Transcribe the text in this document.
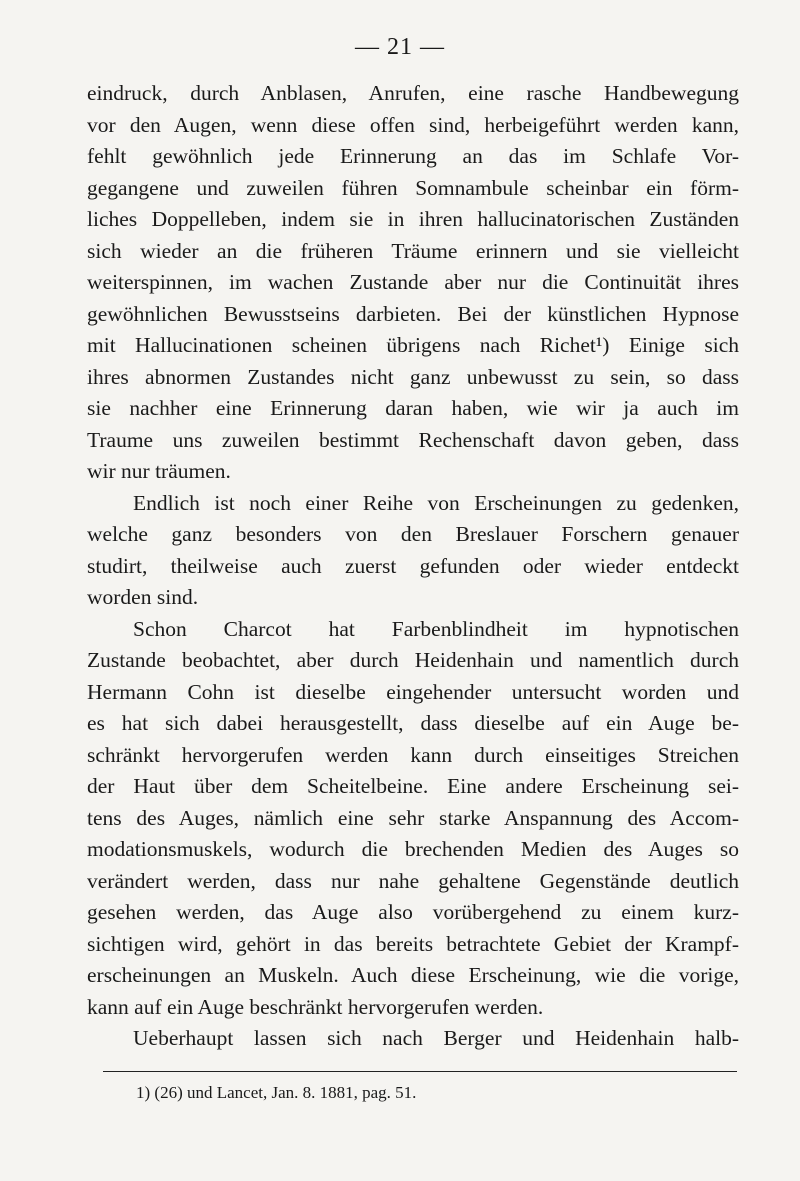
— 21 —
eindruck, durch Anblasen, Anrufen, eine rasche Handbewegung
vor den Augen, wenn diese offen sind, herbeigeführt werden kann,
fehlt gewöhnlich jede Erinnerung an das im Schlafe Vor-
gegangene und zuweilen führen Somnambule scheinbar ein förm-
liches Doppelleben, indem sie in ihren hallucinatorischen Zuständen
sich wieder an die früheren Träume erinnern und sie vielleicht
weiterspinnen, im wachen Zustande aber nur die Continuität ihres
gewöhnlichen Bewusstseins darbieten. Bei der künstlichen Hypnose
mit Hallucinationen scheinen übrigens nach Richet¹) Einige sich
ihres abnormen Zustandes nicht ganz unbewusst zu sein, so dass
sie nachher eine Erinnerung daran haben, wie wir ja auch im
Traume uns zuweilen bestimmt Rechenschaft davon geben, dass
wir nur träumen.
Endlich ist noch einer Reihe von Erscheinungen zu gedenken,
welche ganz besonders von den Breslauer Forschern genauer
studirt, theilweise auch zuerst gefunden oder wieder entdeckt
worden sind.
Schon Charcot hat Farbenblindheit im hypnotischen
Zustande beobachtet, aber durch Heidenhain und namentlich durch
Hermann Cohn ist dieselbe eingehender untersucht worden und
es hat sich dabei herausgestellt, dass dieselbe auf ein Auge be-
schränkt hervorgerufen werden kann durch einseitiges Streichen
der Haut über dem Scheitelbeine. Eine andere Erscheinung sei-
tens des Auges, nämlich eine sehr starke Anspannung des Accom-
modationsmuskels, wodurch die brechenden Medien des Auges so
verändert werden, dass nur nahe gehaltene Gegenstände deutlich
gesehen werden, das Auge also vorübergehend zu einem kurz-
sichtigen wird, gehört in das bereits betrachtete Gebiet der Krampf-
erscheinungen an Muskeln. Auch diese Erscheinung, wie die vorige,
kann auf ein Auge beschränkt hervorgerufen werden.
Ueberhaupt lassen sich nach Berger und Heidenhain halb-
1) (26) und Lancet, Jan. 8. 1881, pag. 51.
